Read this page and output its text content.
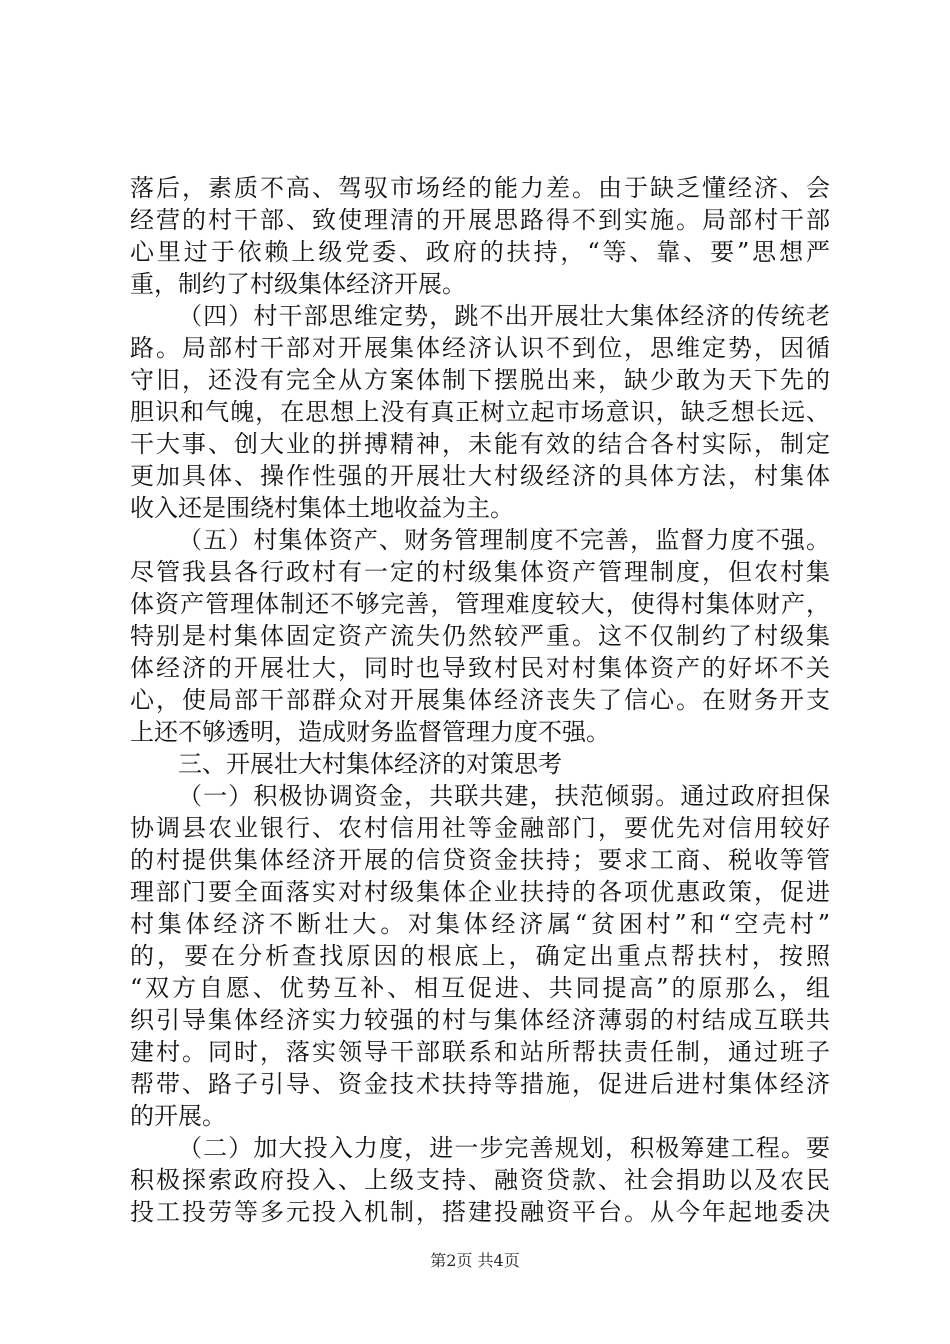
落后，素质不高、驾驭市场经的能力差。由于缺乏懂经济、会
经营的村干部、致使理清的开展思路得不到实施。局部村干部
心里过于依赖上级党委、政府的扶持，“等、靠、要”思想严
重，制约了村级集体经济开展。
（四）村干部思维定势，跳不出开展壮大集体经济的传统老
路。局部村干部对开展集体经济认识不到位，思维定势，因循
守旧，还没有完全从方案体制下摆脱出来，缺少敢为天下先的
胆识和气魄，在思想上没有真正树立起市场意识，缺乏想长远、
干大事、创大业的拼搏精神，未能有效的结合各村实际，制定
更加具体、操作性强的开展壮大村级经济的具体方法，村集体
收入还是围绕村集体土地收益为主。
（五）村集体资产、财务管理制度不完善，监督力度不强。
尽管我县各行政村有一定的村级集体资产管理制度，但农村集
体资产管理体制还不够完善，管理难度较大，使得村集体财产，
特别是村集体固定资产流失仍然较严重。这不仅制约了村级集
体经济的开展壮大，同时也导致村民对村集体资产的好坏不关
心，使局部干部群众对开展集体经济丧失了信心。在财务开支
上还不够透明，造成财务监督管理力度不强。
三、开展壮大村集体经济的对策思考
（一）积极协调资金，共联共建，扶范倾弱。通过政府担保
协调县农业银行、农村信用社等金融部门，要优先对信用较好
的村提供集体经济开展的信贷资金扶持；要求工商、税收等管
理部门要全面落实对村级集体企业扶持的各项优惠政策，促进
村集体经济不断壮大。对集体经济属“贫困村”和“空壳村”
的，要在分析查找原因的根底上，确定出重点帮扶村，按照
“双方自愿、优势互补、相互促进、共同提高”的原那么，组
织引导集体经济实力较强的村与集体经济薄弱的村结成互联共
建村。同时，落实领导干部联系和站所帮扶责任制，通过班子
帮带、路子引导、资金技术扶持等措施，促进后进村集体经济
的开展。
（二）加大投入力度，进一步完善规划，积极筹建工程。要
积极探索政府投入、上级支持、融资贷款、社会捐助以及农民
投工投劳等多元投入机制，搭建投融资平台。从今年起地委决
第2页 共4页
